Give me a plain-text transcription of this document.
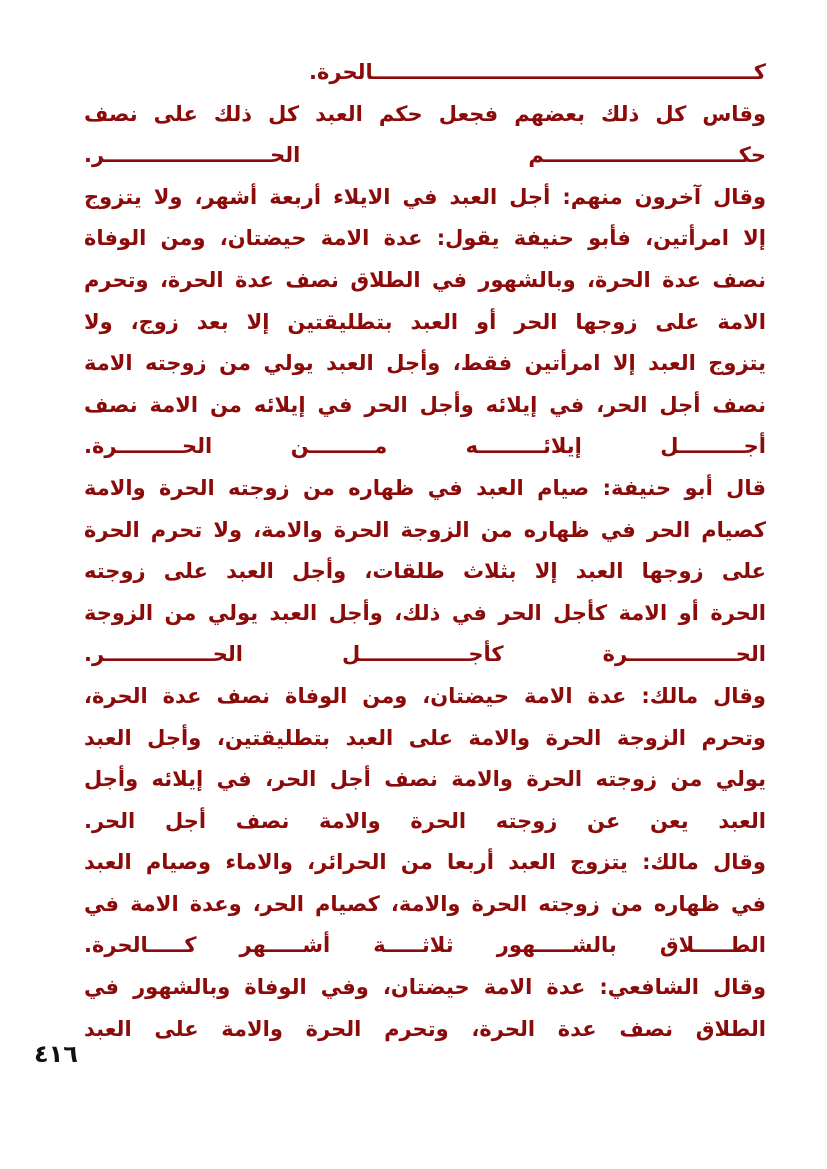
كـــــــــــــــــــــــــــــــــــــــــــــــــــــالحرة.
وقاس كل ذلك بعضهم فجعل حكم العبد كل ذلك على نصف
حكـــــــــــــــــــــــــــم الحـــــــــــــــــــــــر.
وقال آخرون منهم: أجل العبد في الايلاء أربعة أشهر، ولا يتزوج
إلا امرأتين، فأبو حنيفة يقول: عدة الامة حيضتان، ومن الوفاة
نصف عدة الحرة، وبالشهور في الطلاق نصف عدة الحرة، وتحرم
الامة على زوجها الحر أو العبد بتطليقتين إلا بعد زوج، ولا
يتزوج العبد إلا امرأتين فقط، وأجل العبد يولي من زوجته الامة
نصف أجل الحر، في إيلائه وأجل الحر في إيلائه من الامة نصف
أجـــــــــل إيلائـــــــــه مـــــــــن الحـــــــــرة.
قال أبو حنيفة: صيام العبد في ظهاره من زوجته الحرة والامة
كصيام الحر في ظهاره من الزوجة الحرة والامة، ولا تحرم الحرة
على زوجها العبد إلا بثلاث طلقات، وأجل العبد على زوجته
الحرة أو الامة كأجل الحر في ذلك، وأجل العبد يولي من الزوجة
الحـــــــــــــــرة كأجـــــــــــــــل الحـــــــــــــــر.
وقال مالك: عدة الامة حيضتان، ومن الوفاة نصف عدة الحرة،
وتحرم الزوجة الحرة والامة على العبد بتطليقتين، وأجل العبد
يولي من زوجته الحرة والامة نصف أجل الحر، في إيلائه وأجل
العبد يعن عن زوجته الحرة والامة نصف أجل الحر.
وقال مالك: يتزوج العبد أربعا من الحرائر، والاماء وصيام العبد
في ظهاره من زوجته الحرة والامة، كصيام الحر، وعدة الامة في
الطـــــلاق بالشـــــهور ثلاثـــــة أشـــــهر كـــــالحرة.
وقال الشافعي: عدة الامة حيضتان، وفي الوفاة وبالشهور في
الطلاق نصف عدة الحرة، وتحرم الحرة والامة على العبد
٤١٦
